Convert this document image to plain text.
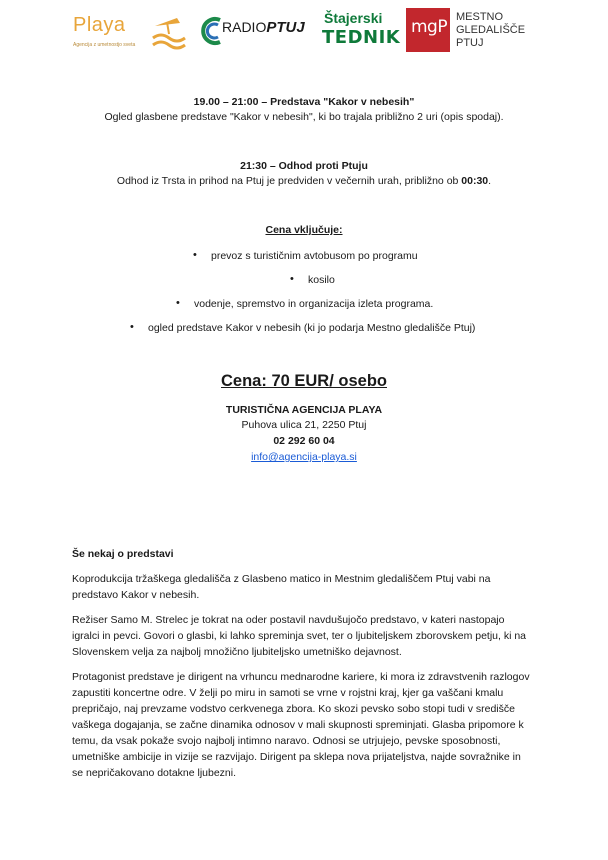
Playa
Agencija z umetnostjo sveta
RADIOPTUJ
Štajerski
TEDNIK mgP MESTNO
GLEDALIŠČE
PTUJ
19.00 – 21:00 – Predstava "Kakor v nebesih"
Ogled glasbene predstave "Kakor v nebesih", ki bo trajala približno 2 uri (opis spodaj).
21:30 – Odhod proti Ptuju
Odhod iz Trsta in prihod na Ptuj je predviden v večernih urah, približno ob 00:30.
Cena vključuje:
• prevoz s turističnim avtobusom po programu
• kosilo
• vodenje, spremstvo in organizacija izleta programa.
• ogled predstave Kakor v nebesih (ki jo podarja Mestno gledališče Ptuj)
Cena: 70 EUR/ osebo
TURISTIČNA AGENCIJA PLAYA
Puhova ulica 21, 2250 Ptuj
02 292 60 04
info@agencija-playa.si
Še nekaj o predstavi
Koprodukcija tržaškega gledališča z Glasbeno matico in Mestnim gledališčem Ptuj vabi na predstavo Kakor v nebesih.
Režiser Samo M. Strelec je tokrat na oder postavil navdušujočo predstavo, v kateri nastopajo igralci in pevci. Govori o glasbi, ki lahko spreminja svet, ter o ljubiteljskem zborovskem petju, ki na Slovenskem velja za najbolj množično ljubiteljsko umetniško dejavnost.
Protagonist predstave je dirigent na vrhuncu mednarodne kariere, ki mora iz zdravstvenih razlogov zapustiti koncertne odre. V želji po miru in samoti se vrne v rojstni kraj, kjer ga vaščani kmalu prepričajo, naj prevzame vodstvo cerkvenega zbora. Ko skozi pevsko sobo stopi tudi v središče vaškega dogajanja, se začne dinamika odnosov v mali skupnosti spreminjati. Glasba pripomore k temu, da vsak pokaže svojo najbolj intimno naravo. Odnosi se utrjujejo, pevske sposobnosti, umetniške ambicije in vizije se razvijajo. Dirigent pa sklepa nova prijateljstva, najde sovražnike in se nepričakovano dotakne ljubezni.
